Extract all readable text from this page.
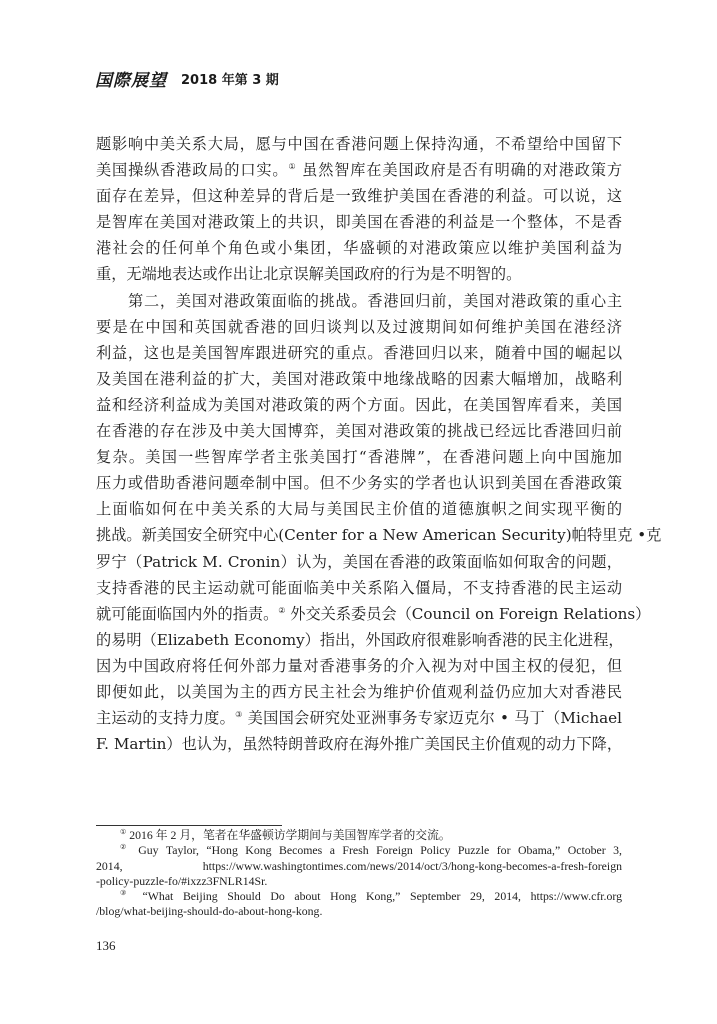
国際展望 2018 年第 3 期
题影响中美关系大局，愿与中国在香港问题上保持沟通，不希望给中国留下
美国操纵香港政局的口实。① 虽然智库在美国政府是否有明确的对港政策方
面存在差异，但这种差异的背后是一致维护美国在香港的利益。可以说，这
是智库在美国对港政策上的共识，即美国在香港的利益是一个整体，不是香
港社会的任何单个角色或小集团，华盛顿的对港政策应以维护美国利益为
重，无端地表达或作出让北京误解美国政府的行为是不明智的。
第二，美国对港政策面临的挑战。香港回归前，美国对港政策的重心主
要是在中国和英国就香港的回归谈判以及过渡期间如何维护美国在港经济
利益，这也是美国智库跟进研究的重点。香港回归以来，随着中国的崛起以
及美国在港利益的扩大，美国对港政策中地缘战略的因素大幅增加，战略利
益和经济利益成为美国对港政策的两个方面。因此，在美国智库看来，美国
在香港的存在涉及中美大国博弈，美国对港政策的挑战已经远比香港回归前
复杂。美国一些智库学者主张美国打“香港牌”，在香港问题上向中国施加
压力或借助香港问题牵制中国。但不少务实的学者也认识到美国在香港政策
上面临如何在中美关系的大局与美国民主价值的道德旗帜之间实现平衡的
挑战。新美国安全研究中心(Center for a New American Security)帕特里克 •克
罗宁（Patrick M. Cronin）认为，美国在香港的政策面临如何取舍的问题，
支持香港的民主运动就可能面临美中关系陷入僵局，不支持香港的民主运动
就可能面临国内外的指责。② 外交关系委员会（Council on Foreign Relations）
的易明（Elizabeth Economy）指出，外国政府很难影响香港的民主化进程，
因为中国政府将任何外部力量对香港事务的介入视为对中国主权的侵犯，但
即便如此，以美国为主的西方民主社会为维护价值观利益仍应加大对香港民
主运动的支持力度。③ 美国国会研究处亚洲事务专家迈克尔 • 马丁（Michael
F. Martin）也认为，虽然特朗普政府在海外推广美国民主价值观的动力下降，
① 2016 年 2 月，笔者在华盛顿访学期间与美国智库学者的交流。
② Guy Taylor, “Hong Kong Becomes a Fresh Foreign Policy Puzzle for Obama,” October 3,
2014, https://www.washingtontimes.com/news/2014/oct/3/hong-kong-becomes-a-fresh-foreign
-policy-puzzle-fo/#ixzz3FNLR14Sr.
③ “What Beijing Should Do about Hong Kong,” September 29, 2014, https://www.cfr.org
/blog/what-beijing-should-do-about-hong-kong.
136
